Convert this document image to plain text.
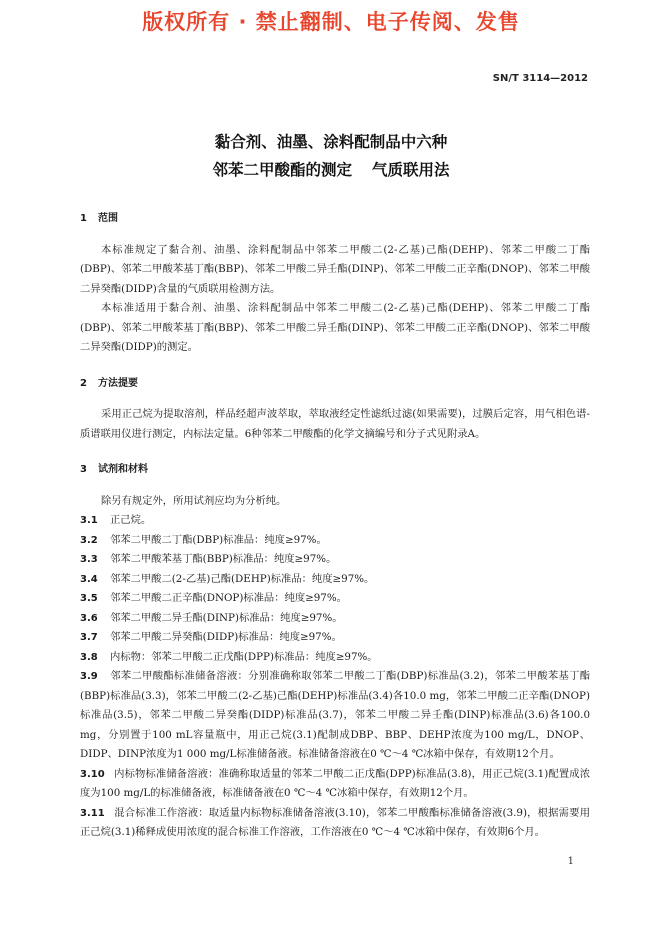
版权所有 · 禁止翻制、电子传阅、发售
SN/T 3114—2012
黏合剂、油墨、涂料配制品中六种
邻苯二甲酸酯的测定 气质联用法
1 范围
本标准规定了黏合剂、油墨、涂料配制品中邻苯二甲酸二(2-乙基)己酯(DEHP)、邻苯二甲酸二丁酯(DBP)、邻苯二甲酸苯基丁酯(BBP)、邻苯二甲酸二异壬酯(DINP)、邻苯二甲酸二正辛酯(DNOP)、邻苯二甲酸二异癸酯(DIDP)含量的气质联用检测方法。
本标准适用于黏合剂、油墨、涂料配制品中邻苯二甲酸二(2-乙基)己酯(DEHP)、邻苯二甲酸二丁酯(DBP)、邻苯二甲酸苯基丁酯(BBP)、邻苯二甲酸二异壬酯(DINP)、邻苯二甲酸二正辛酯(DNOP)、邻苯二甲酸二异癸酯(DIDP)的测定。
2 方法提要
采用正己烷为提取溶剂，样品经超声波萃取，萃取液经定性滤纸过滤(如果需要)，过膜后定容，用气相色谱-质谱联用仪进行测定，内标法定量。6种邻苯二甲酸酯的化学文摘编号和分子式见附录A。
3 试剂和材料
除另有规定外，所用试剂应均为分析纯。
3.1 正己烷。
3.2 邻苯二甲酸二丁酯(DBP)标准品：纯度≥97%。
3.3 邻苯二甲酸苯基丁酯(BBP)标准品：纯度≥97%。
3.4 邻苯二甲酸二(2-乙基)己酯(DEHP)标准品：纯度≥97%。
3.5 邻苯二甲酸二正辛酯(DNOP)标准品：纯度≥97%。
3.6 邻苯二甲酸二异壬酯(DINP)标准品：纯度≥97%。
3.7 邻苯二甲酸二异癸酯(DIDP)标准品：纯度≥97%。
3.8 内标物：邻苯二甲酸二正戊酯(DPP)标准品：纯度≥97%。
3.9 邻苯二甲酸酯标准储备溶液：分别准确称取邻苯二甲酸二丁酯(DBP)标准品(3.2)，邻苯二甲酸苯基丁酯(BBP)标准品(3.3)，邻苯二甲酸二(2-乙基)己酯(DEHP)标准品(3.4)各10.0 mg，邻苯二甲酸二正辛酯(DNOP)标准品(3.5)，邻苯二甲酸二异癸酯(DIDP)标准品(3.7)，邻苯二甲酸二异壬酯(DINP)标准品(3.6)各100.0 mg，分别置于100 mL容量瓶中，用正己烷(3.1)配制成DBP、BBP、DEHP浓度为100 mg/L，DNOP、DIDP、DINP浓度为1 000 mg/L标准储备液。标准储备溶液在0 ℃～4 ℃冰箱中保存，有效期12个月。
3.10 内标物标准储备溶液：准确称取适量的邻苯二甲酸二正戊酯(DPP)标准品(3.8)，用正己烷(3.1)配置成浓度为100 mg/L的标准储备液，标准储备液在0 ℃～4 ℃冰箱中保存，有效期12个月。
3.11 混合标准工作溶液：取适量内标物标准储备溶液(3.10)，邻苯二甲酸酯标准储备溶液(3.9)，根据需要用正己烷(3.1)稀释成使用浓度的混合标准工作溶液，工作溶液在0 ℃～4 ℃冰箱中保存，有效期6个月。
1
